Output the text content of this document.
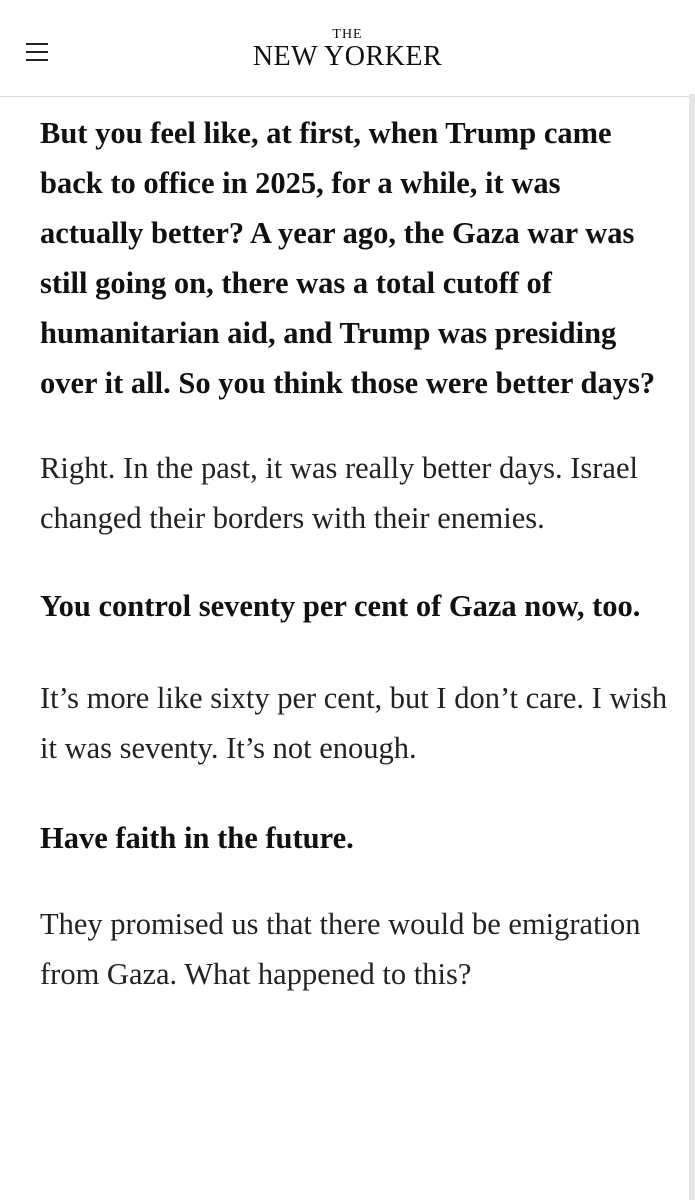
THE
NEW YORKER

But you feel like, at first, when Trump came back to office in 2025, for a while, it was actually better? A year ago, the Gaza war was still going on, there was a total cutoff of humanitarian aid, and Trump was presiding over it all. So you think those were better days?

Right. In the past, it was really better days. Israel changed their borders with their enemies.

You control seventy per cent of Gaza now, too.

It’s more like sixty per cent, but I don’t care. I wish it was seventy. It’s not enough.

Have faith in the future.

They promised us that there would be emigration from Gaza. What happened to this?
